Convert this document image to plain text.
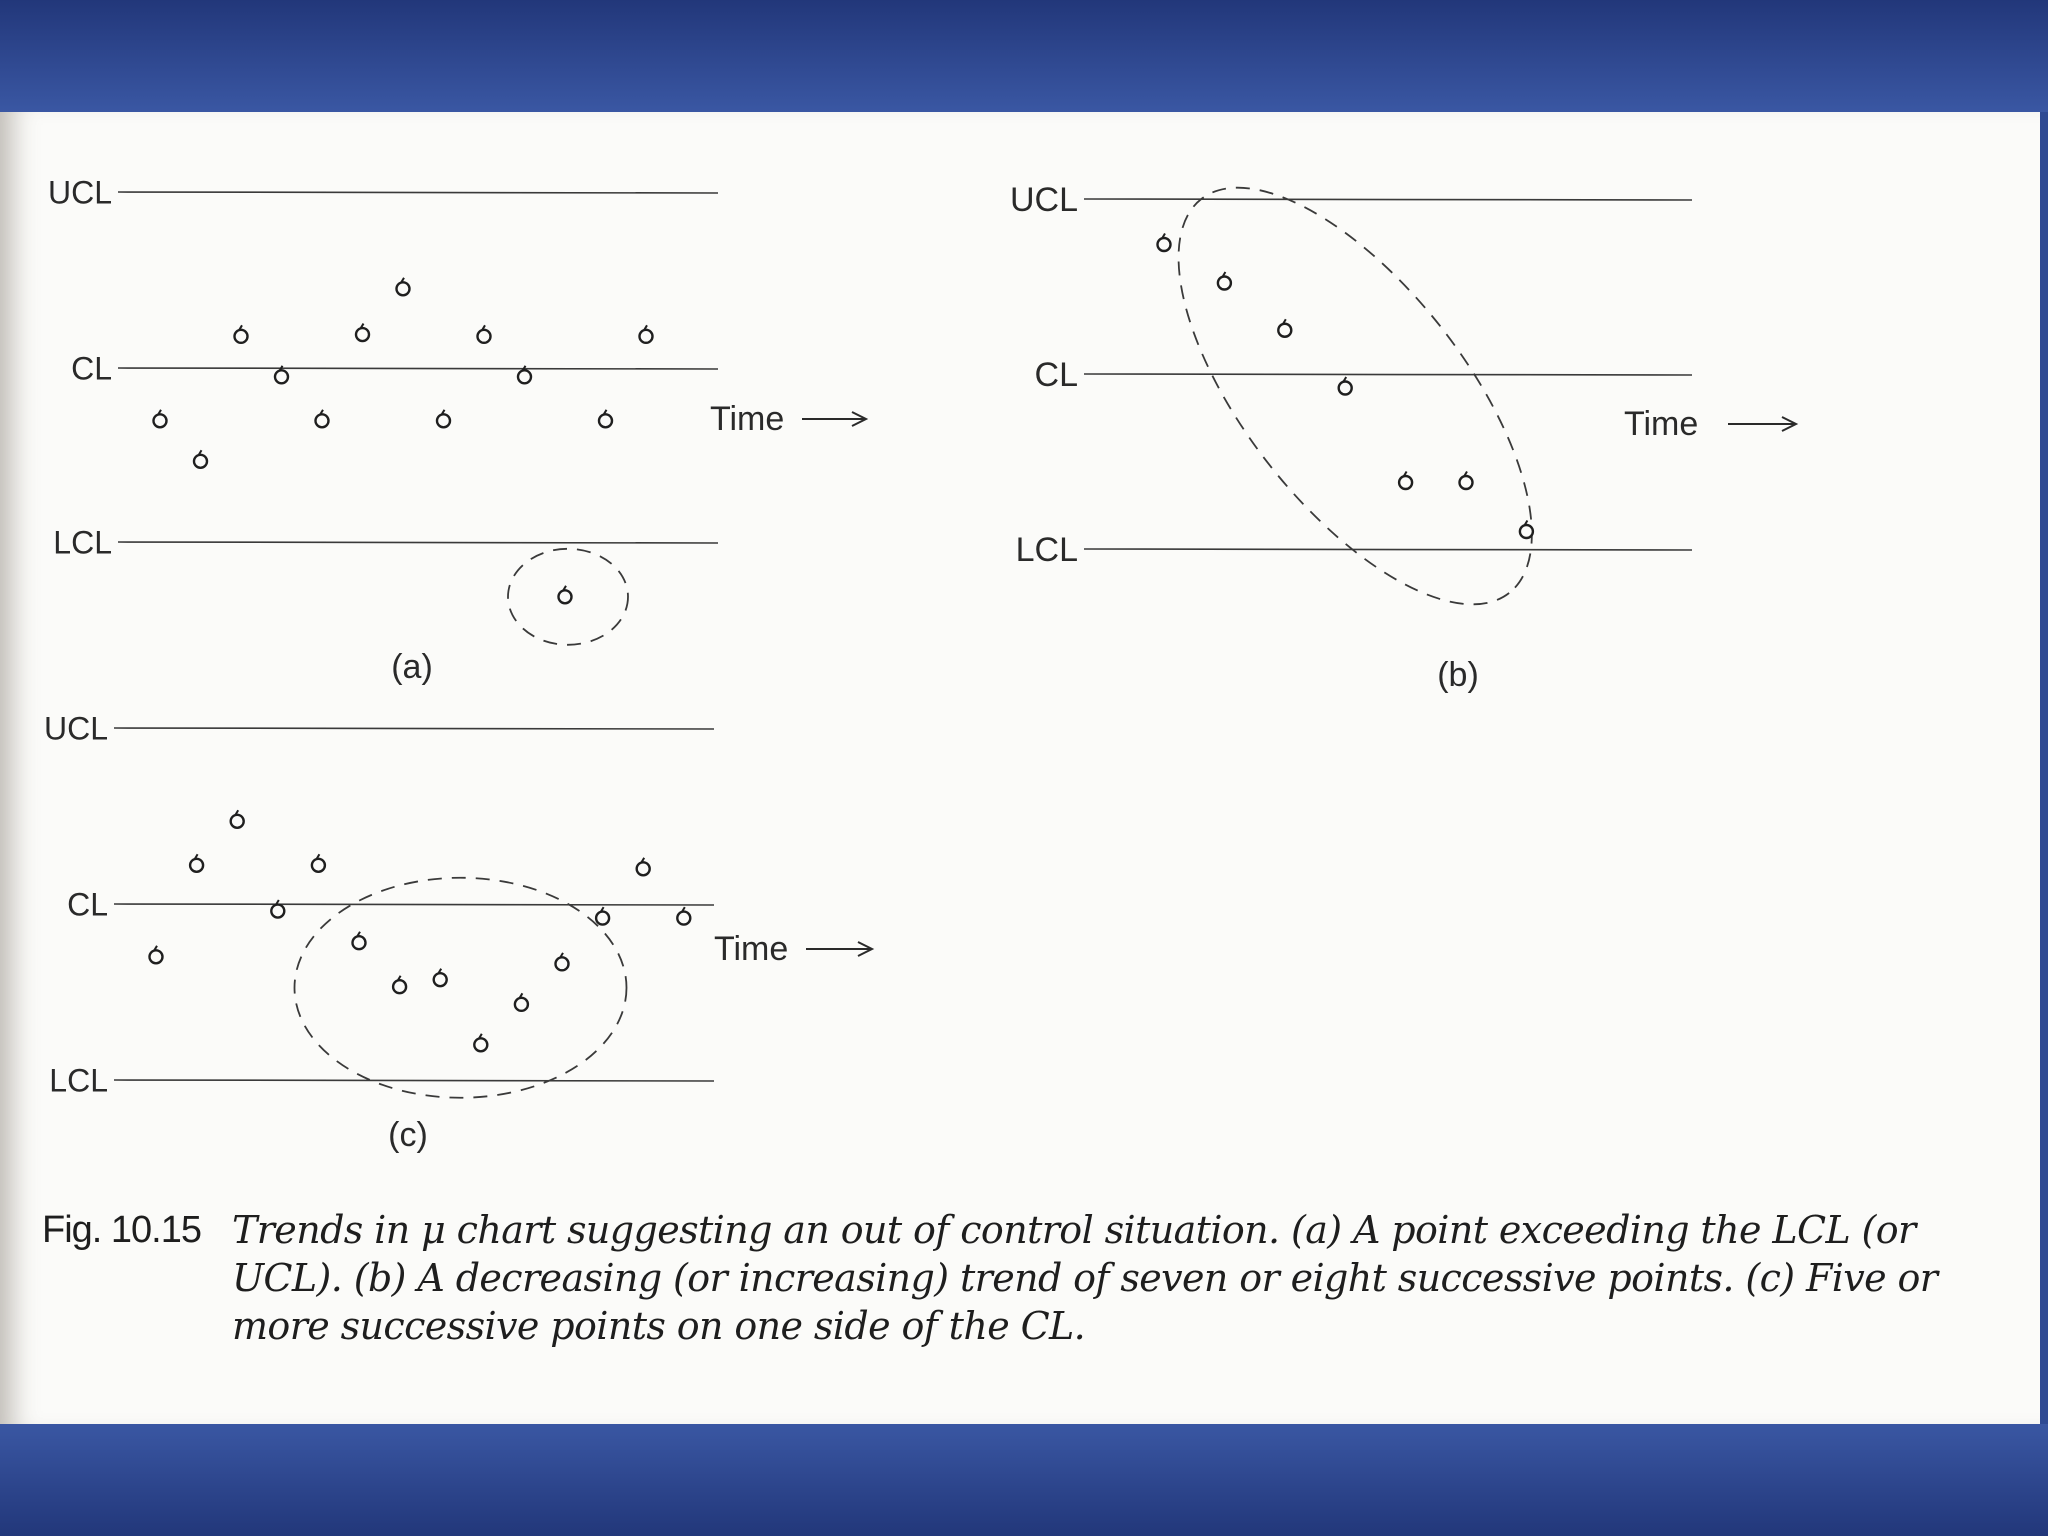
UCL
CL
LCL
Time
(a)
UCL
CL
LCL
Time
(b)
UCL
CL
LCL
Time
(c)
Fig. 10.15 Trends in μ chart suggesting an out of control situation. (a) A point exceeding the LCL (or UCL). (b) A decreasing (or increasing) trend of seven or eight successive points. (c) Five or more successive points on one side of the CL.
